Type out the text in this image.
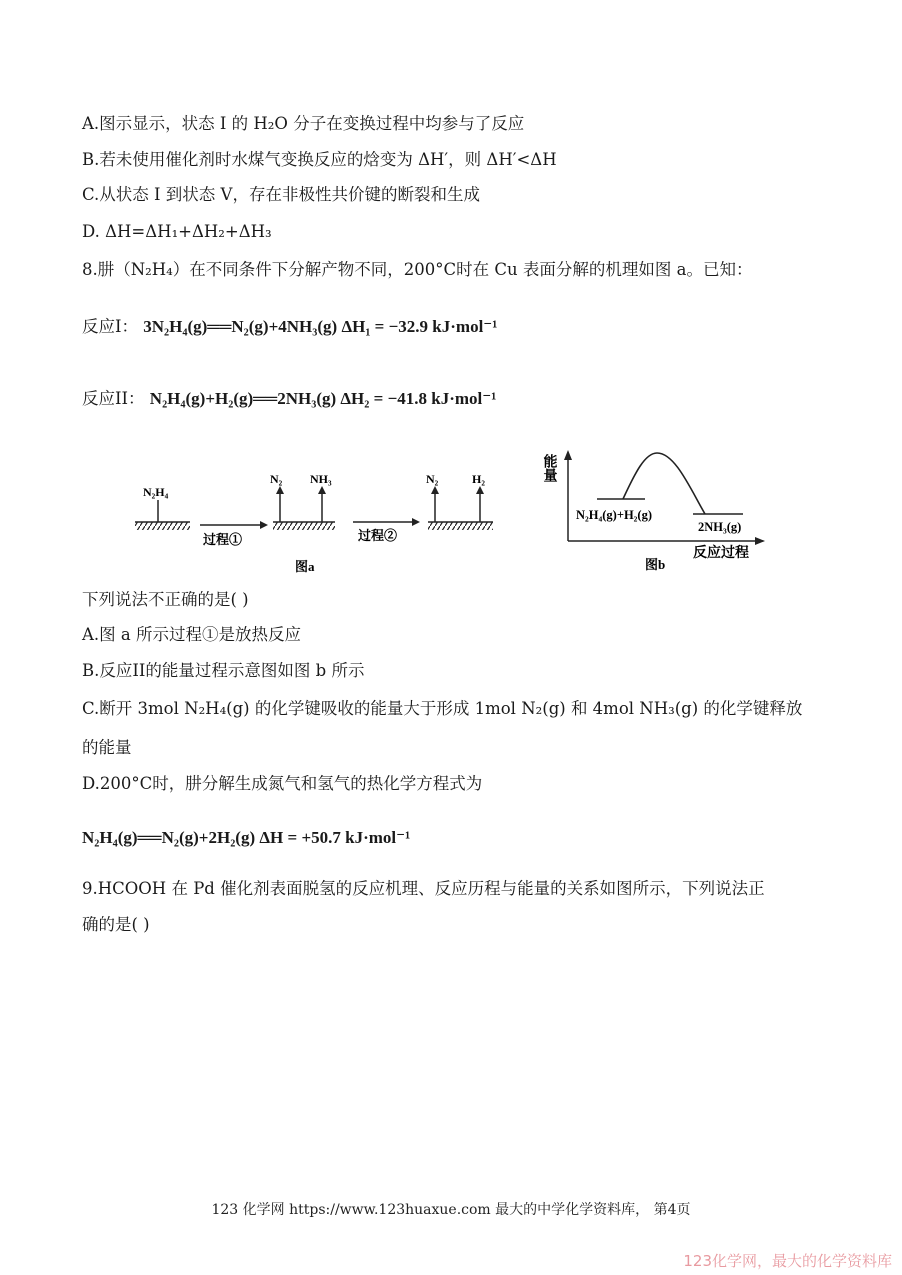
A.图示显示，状态 I 的 H₂O 分子在变换过程中均参与了反应
B.若未使用催化剂时水煤气变换反应的焓变为 ΔH′，则 ΔH′<ΔH
C.从状态 I 到状态 V，存在非极性共价键的断裂和生成
D. ΔH=ΔH₁+ΔH₂+ΔH₃
8.肼（N₂H₄）在不同条件下分解产物不同，200°C时在 Cu 表面分解的机理如图 a。已知：
反应I： 3N₂H₄(g)══N₂(g)+4NH₃(g) ΔH₁ = −32.9 kJ·mol⁻¹
反应II： N₂H₄(g)+H₂(g)══2NH₃(g) ΔH₂ = −41.8 kJ·mol⁻¹
N₂H₄
过程①
N₂ NH₃
过程②
N₂	H₂
图a
能量
反应过程
N₂H₄(g)+H₂(g)
2NH₃(g)
图b
下列说法不正确的是( )
A.图 a 所示过程①是放热反应
B.反应II的能量过程示意图如图 b 所示
C.断开 3mol N₂H₄(g) 的化学键吸收的能量大于形成 1mol N₂(g) 和 4mol NH₃(g) 的化学键释放
的能量
D.200°C时，肼分解生成氮气和氢气的热化学方程式为
N₂H₄(g)══N₂(g)+2H₂(g) ΔH = +50.7 kJ·mol⁻¹
9.HCOOH 在 Pd 催化剂表面脱氢的反应机理、反应历程与能量的关系如图所示，下列说法正
确的是( )
123 化学网 https://www.123huaxue.com 最大的中学化学资料库， 第4页
123化学网，最大的化学资料库
